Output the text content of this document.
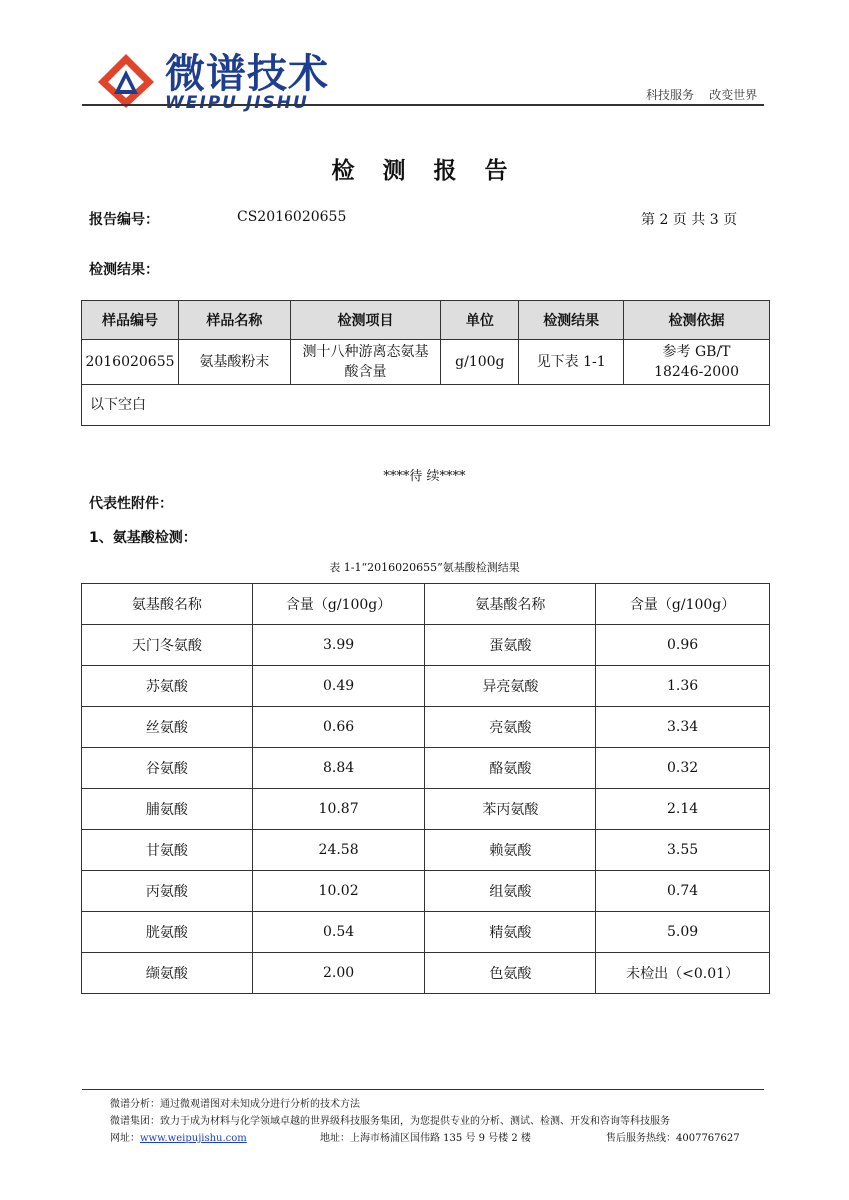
微谱技术
WEIPU JISHU	科技服务    改变世界
检 测 报 告
报告编号：	CS2016020655	第 2 页 共 3 页
检测结果：
样品编号	样品名称	检测项目	单位	检测结果	检测依据
2016020655	氨基酸粉末	测十八种游离态氨基酸含量	g/100g	见下表 1-1	参考 GB/T 18246-2000
以下空白					
****待 续****
代表性附件：
1、氨基酸检测：
表 1-1“2016020655”氨基酸检测结果
氨基酸名称	含量（g/100g）	氨基酸名称	含量（g/100g）
天门冬氨酸	3.99	蛋氨酸	0.96
苏氨酸	0.49	异亮氨酸	1.36
丝氨酸	0.66	亮氨酸	3.34
谷氨酸	8.84	酪氨酸	0.32
脯氨酸	10.87	苯丙氨酸	2.14
甘氨酸	24.58	赖氨酸	3.55
丙氨酸	10.02	组氨酸	0.74
胱氨酸	0.54	精氨酸	5.09
缬氨酸	2.00	色氨酸	未检出（<0.01）
微谱分析：通过微观谱图对未知成分进行分析的技术方法
微谱集团：致力于成为材料与化学领域卓越的世界级科技服务集团，为您提供专业的分析、测试、检测、开发和咨询等科技服务
网址：www.weipujishu.com	地址：上海市杨浦区国伟路 135 号 9 号楼 2 楼	售后服务热线：4007767627
